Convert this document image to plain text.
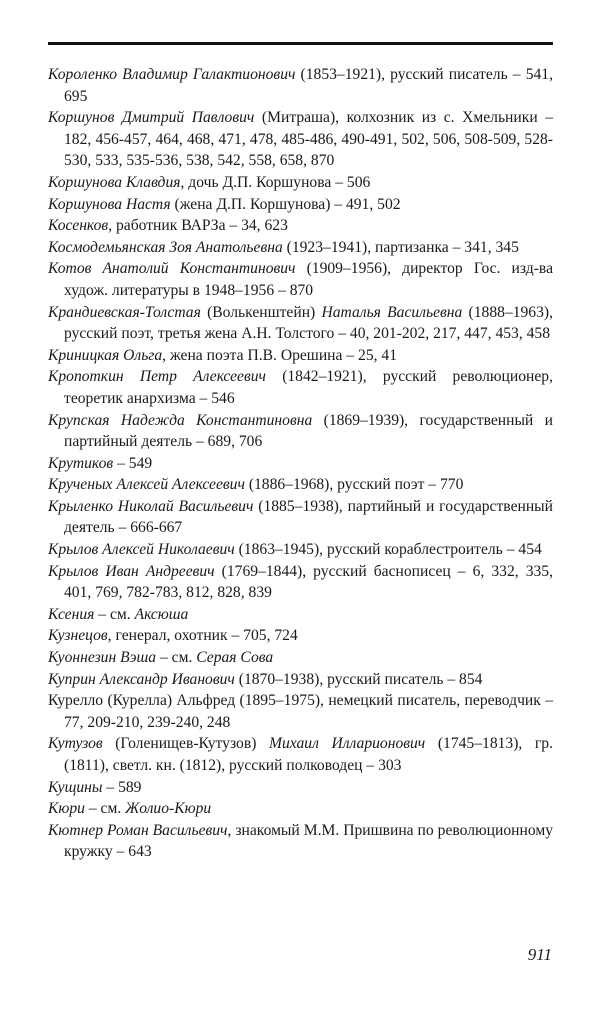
Короленко Владимир Галактионович (1853–1921), русский писатель – 541, 695

Коршунов Дмитрий Павлович (Митраша), колхозник из с. Хмельники – 182, 456-457, 464, 468, 471, 478, 485-486, 490-491, 502, 506, 508-509, 528-530, 533, 535-536, 538, 542, 558, 658, 870

Коршунова Клавдия, дочь Д.П. Коршунова – 506

Коршунова Настя (жена Д.П. Коршунова) – 491, 502

Косенков, работник ВАРЗа – 34, 623

Космодемьянская Зоя Анатольевна (1923–1941), партизанка – 341, 345

Котов Анатолий Константинович (1909–1956), директор Гос. изд-ва худож. литературы в 1948–1956 – 870

Крандиевская-Толстая (Волькенштейн) Наталья Васильевна (1888–1963), русский поэт, третья жена А.Н. Толстого – 40, 201-202, 217, 447, 453, 458

Криницкая Ольга, жена поэта П.В. Орешина – 25, 41

Кропоткин Петр Алексеевич (1842–1921), русский революционер, теоретик анархизма – 546

Крупская Надежда Константиновна (1869–1939), государственный и партийный деятель – 689, 706

Крутиков – 549

Крученых Алексей Алексеевич (1886–1968), русский поэт – 770

Крыленко Николай Васильевич (1885–1938), партийный и государственный деятель – 666-667

Крылов Алексей Николаевич (1863–1945), русский кораблестроитель – 454

Крылов Иван Андреевич (1769–1844), русский баснописец – 6, 332, 335, 401, 769, 782-783, 812, 828, 839

Ксения – см. Аксюша

Кузнецов, генерал, охотник – 705, 724

Куоннезин Вэша – см. Серая Сова

Куприн Александр Иванович (1870–1938), русский писатель – 854

Курелло (Курелла) Альфред (1895–1975), немецкий писатель, переводчик – 77, 209-210, 239-240, 248

Кутузов (Голенищев-Кутузов) Михаил Илларионович (1745–1813), гр. (1811), светл. кн. (1812), русский полководец – 303

Кущины – 589

Кюри – см. Жолио-Кюри

Кютнер Роман Васильевич, знакомый М.М. Пришвина по революционному кружку – 643

911
